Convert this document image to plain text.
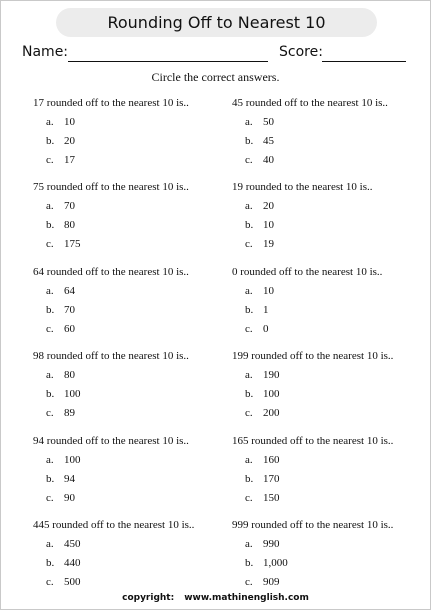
Rounding Off to Nearest 10
Name:	Score:
Circle the correct answers.
17 rounded off to the nearest 10 is..
a. 10
b. 20
c. 17
45 rounded off to the nearest 10 is..
a. 50
b. 45
c. 40
75 rounded off to the nearest 10 is..
a. 70
b. 80
c. 175
19 rounded to the nearest 10 is..
a. 20
b. 10
c. 19
64 rounded off to the nearest 10 is..
a. 64
b. 70
c. 60
0 rounded off to the nearest 10 is..
a. 10
b. 1
c. 0
98 rounded off to the nearest 10 is..
a. 80
b. 100
c. 89
199 rounded off to the nearest 10 is..
a. 190
b. 100
c. 200
94 rounded off to the nearest 10 is..
a. 100
b. 94
c. 90
165 rounded off to the nearest 10 is..
a. 160
b. 170
c. 150
445 rounded off to the nearest 10 is..
a. 450
b. 440
c. 500
999 rounded off to the nearest 10 is..
a. 990
b. 1,000
c. 909
copyright: www.mathinenglish.com
